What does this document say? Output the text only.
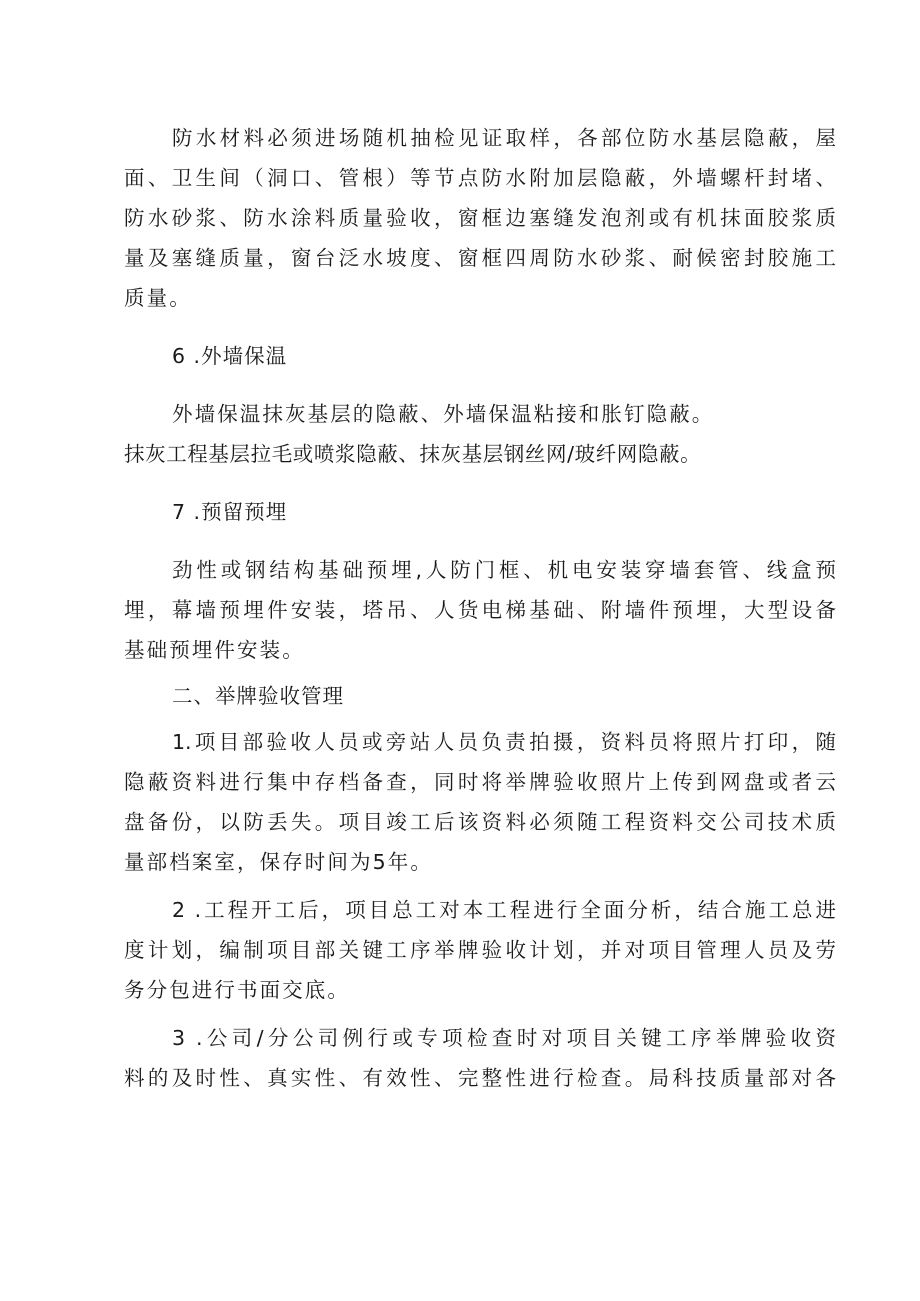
防水材料必须进场随机抽检见证取样，各部位防水基层隐蔽，屋
面、卫生间（洞口、管根）等节点防水附加层隐蔽，外墙螺杆封堵、
防水砂浆、防水涂料质量验收，窗框边塞缝发泡剂或有机抹面胶浆质
量及塞缝质量，窗台泛水坡度、窗框四周防水砂浆、耐候密封胶施工
质量。
6 .外墙保温
外墙保温抹灰基层的隐蔽、外墙保温粘接和胀钉隐蔽。
抹灰工程基层拉毛或喷浆隐蔽、抹灰基层钢丝网/玻纤网隐蔽。
7 .预留预埋
劲性或钢结构基础预埋,人防门框、机电安装穿墙套管、线盒预
埋，幕墙预埋件安装，塔吊、人货电梯基础、附墙件预埋，大型设备
基础预埋件安装。
二、举牌验收管理
1.项目部验收人员或旁站人员负责拍摄，资料员将照片打印，随
隐蔽资料进行集中存档备查，同时将举牌验收照片上传到网盘或者云
盘备份，以防丢失。项目竣工后该资料必须随工程资料交公司技术质
量部档案室，保存时间为5年。
2 .工程开工后，项目总工对本工程进行全面分析，结合施工总进
度计划，编制项目部关键工序举牌验收计划，并对项目管理人员及劳
务分包进行书面交底。
3 .公司/分公司例行或专项检查时对项目关键工序举牌验收资
料的及时性、真实性、有效性、完整性进行检查。局科技质量部对各
